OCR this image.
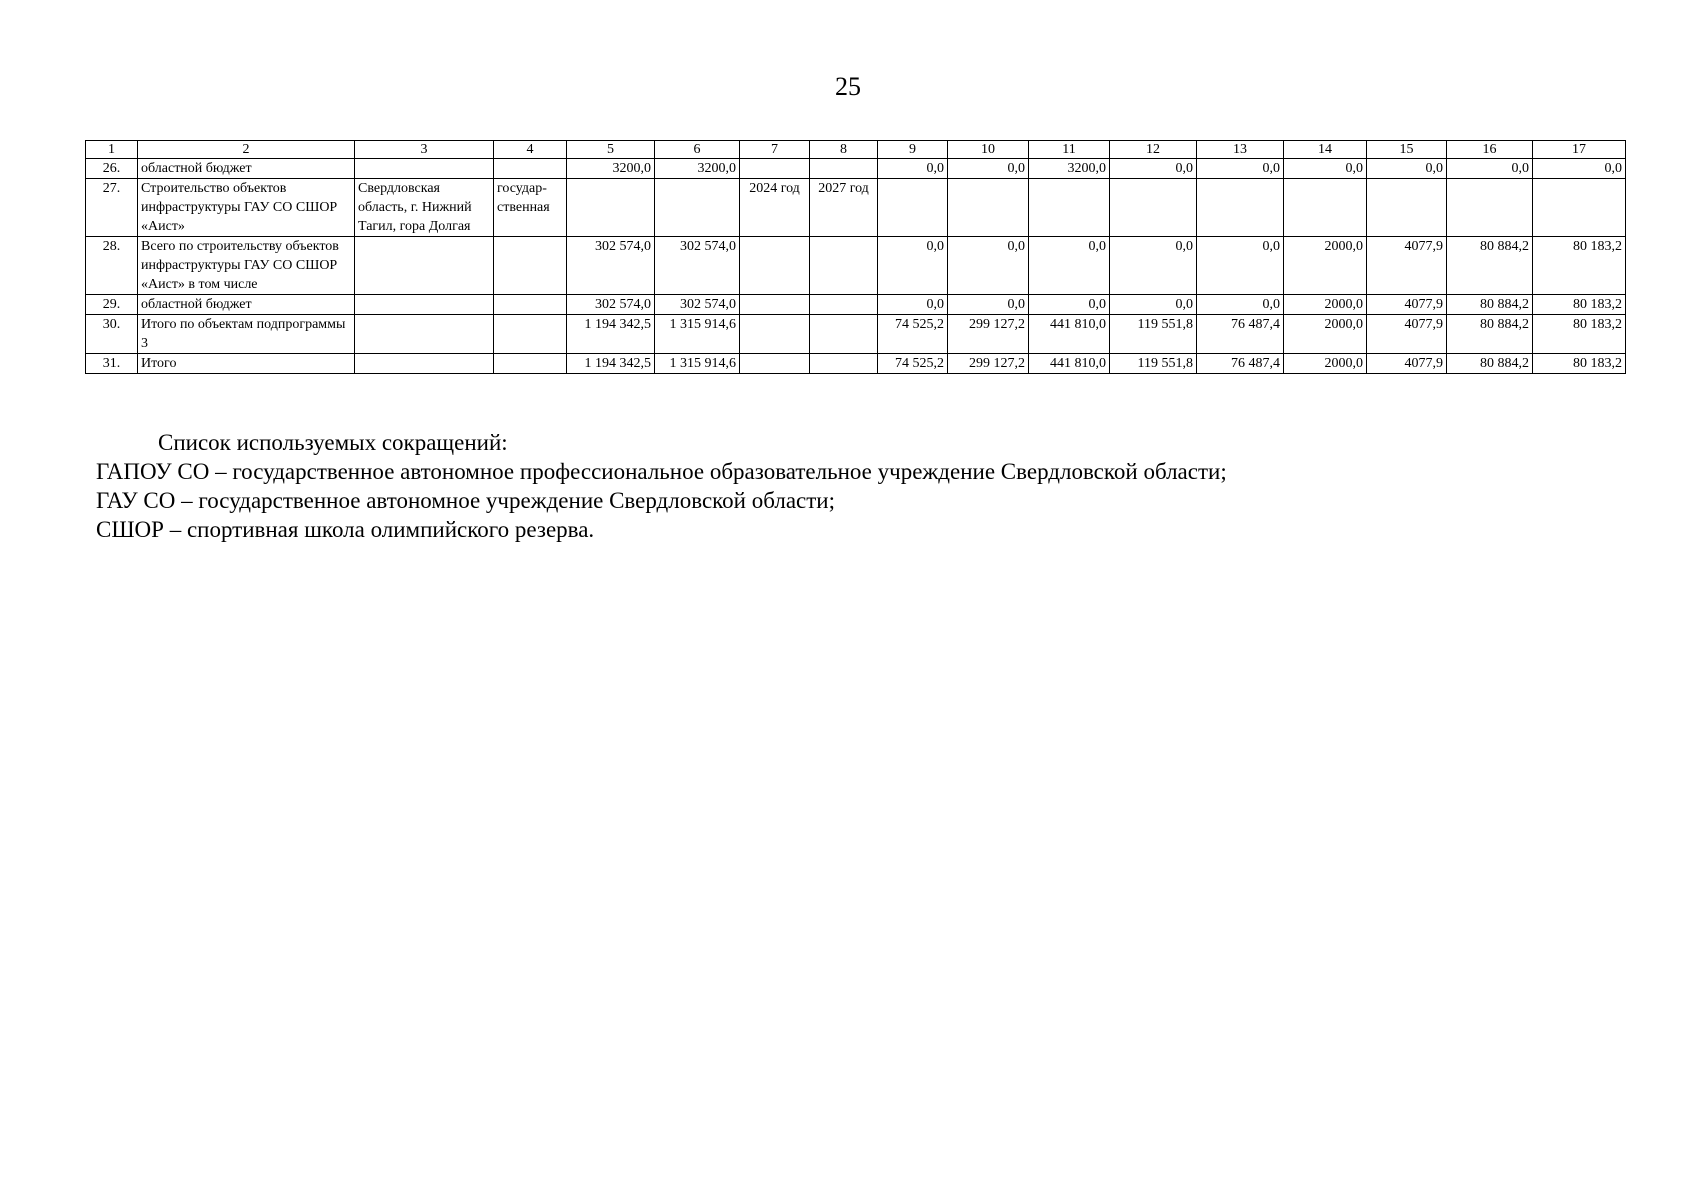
25
1	2	3	4	5	6	7	8	9	10	11	12	13	14	15	16	17
26.	областной бюджет			3200,0	3200,0			0,0	0,0	3200,0	0,0	0,0	0,0	0,0	0,0	0,0
27.	Строительство объектов инфраструктуры ГАУ СО СШОР «Аист»	Свердловская область, г. Нижний Тагил, гора Долгая	государ-ственная			2024 год	2027 год									
28.	Всего по строительству объектов инфраструктуры ГАУ СО СШОР «Аист» в том числе			302 574,0	302 574,0			0,0	0,0	0,0	0,0	0,0	2000,0	4077,9	80 884,2	80 183,2
29.	областной бюджет			302 574,0	302 574,0			0,0	0,0	0,0	0,0	0,0	2000,0	4077,9	80 884,2	80 183,2
30.	Итого по объектам подпрограммы 3			1 194 342,5	1 315 914,6			74 525,2	299 127,2	441 810,0	119 551,8	76 487,4	2000,0	4077,9	80 884,2	80 183,2
31.	Итого			1 194 342,5	1 315 914,6			74 525,2	299 127,2	441 810,0	119 551,8	76 487,4	2000,0	4077,9	80 884,2	80 183,2
Список используемых сокращений:
ГАПОУ СО – государственное автономное профессиональное образовательное учреждение Свердловской области;
ГАУ СО – государственное автономное учреждение Свердловской области;
СШОР – спортивная школа олимпийского резерва.
